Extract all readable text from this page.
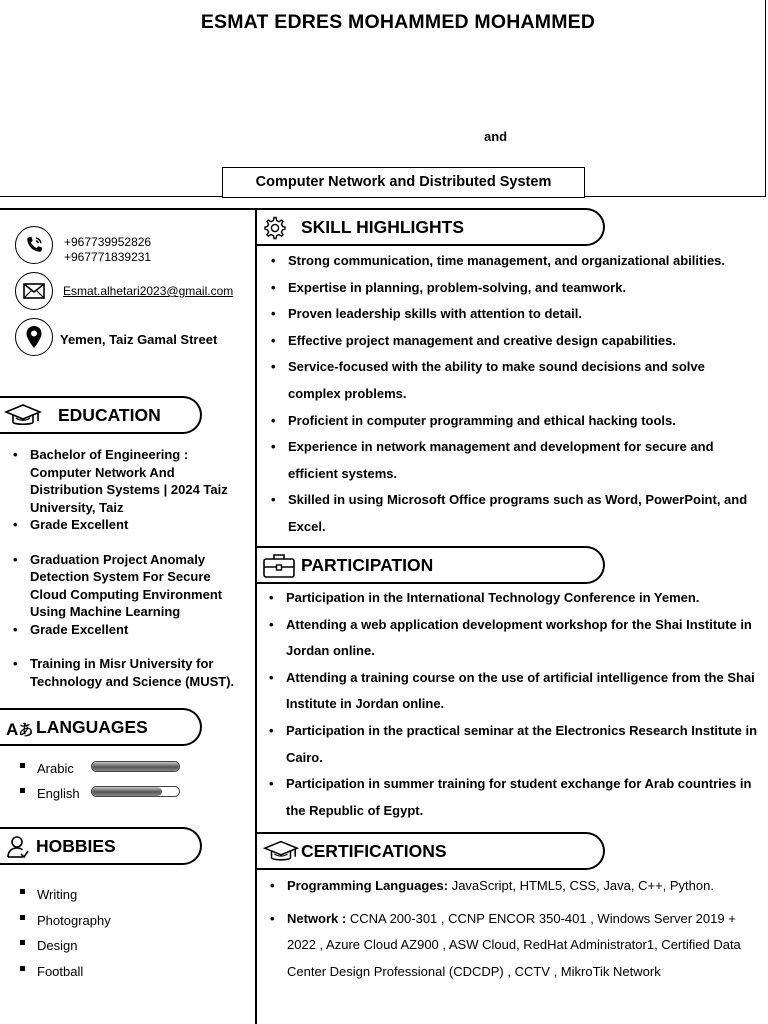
ESMAT EDRES MOHAMMED MOHAMMED
and
Computer Network and Distributed System
+967739952826
+967771839231
Esmat.alhetari2023@gmail.com
Yemen, Taiz Gamal Street
EDUCATION
• Bachelor of Engineering : Computer Network And Distribution Systems | 2024 Taiz University, Taiz
• Grade Excellent
• Graduation Project Anomaly Detection System For Secure Cloud Computing Environment Using Machine Learning
• Grade Excellent
• Training in Misr University for Technology and Science (MUST).
Aあ LANGUAGES
Arabic
English
HOBBIES
Writing
Photography
Design
Football
SKILL HIGHLIGHTS
• Strong communication, time management, and organizational abilities.
• Expertise in planning, problem-solving, and teamwork.
• Proven leadership skills with attention to detail.
• Effective project management and creative design capabilities.
• Service-focused with the ability to make sound decisions and solve complex problems.
• Proficient in computer programming and ethical hacking tools.
• Experience in network management and development for secure and efficient systems.
• Skilled in using Microsoft Office programs such as Word, PowerPoint, and Excel.
PARTICIPATION
• Participation in the International Technology Conference in Yemen.
• Attending a web application development workshop for the Shai Institute in Jordan online.
• Attending a training course on the use of artificial intelligence from the Shai Institute in Jordan online.
• Participation in the practical seminar at the Electronics Research Institute in Cairo.
• Participation in summer training for student exchange for Arab countries in the Republic of Egypt.
CERTIFICATIONS
• Programming Languages: JavaScript, HTML5, CSS, Java, C++, Python.
• Network : CCNA 200-301 , CCNP ENCOR 350-401 , Windows Server 2019 + 2022 , Azure Cloud AZ900 , ASW Cloud, RedHat Administrator1, Certified Data Center Design Professional (CDCDP) , CCTV , MikroTik Network
